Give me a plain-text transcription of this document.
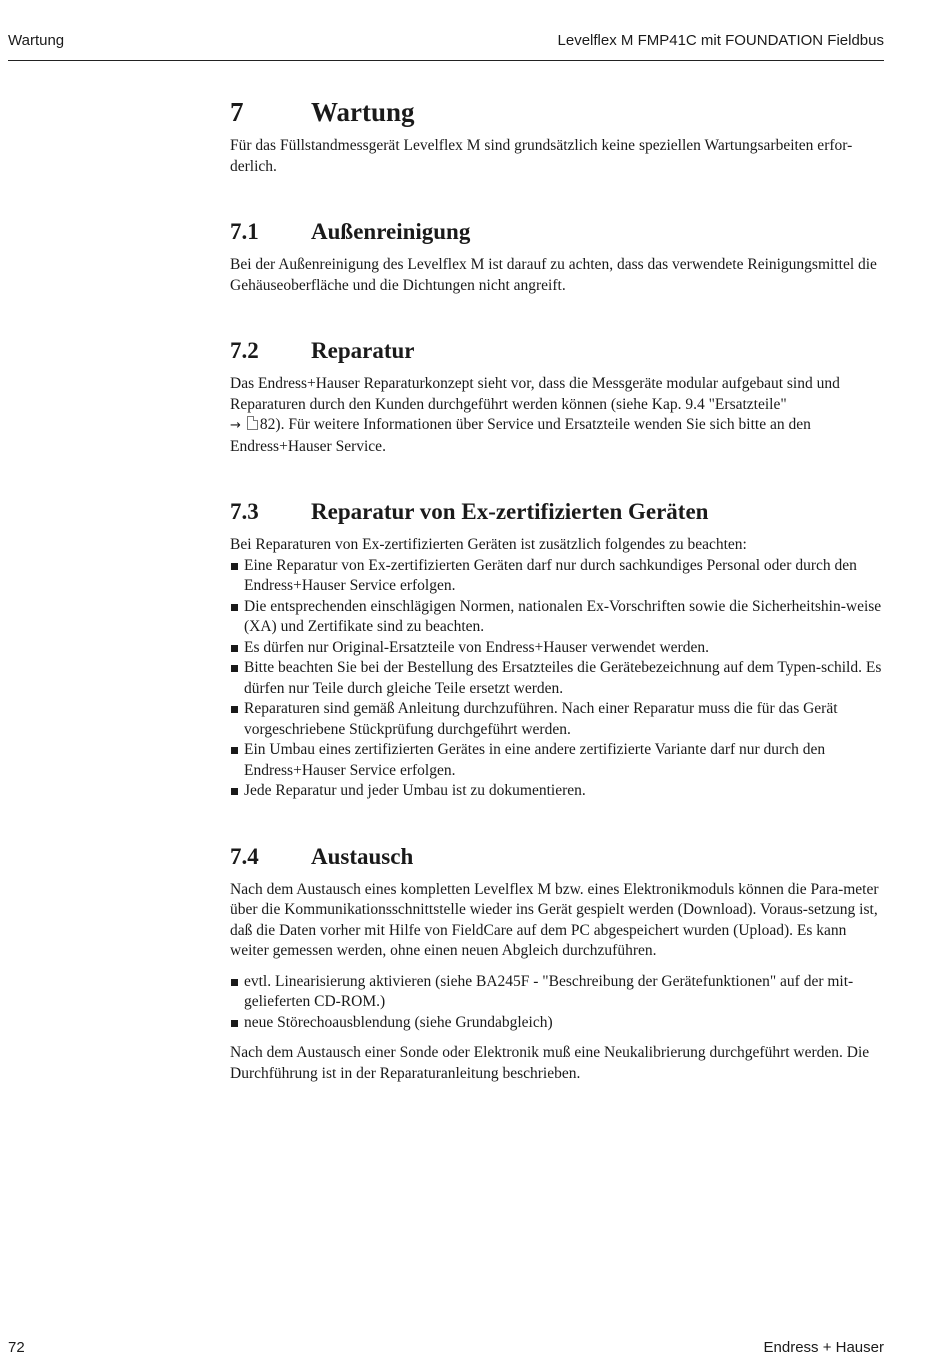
Wartung	Levelflex M FMP41C mit FOUNDATION Fieldbus
7	Wartung

Für das Füllstandmessgerät Levelflex M sind grundsätzlich keine speziellen Wartungsarbeiten erfor-derlich.

7.1 Außenreinigung

Bei der Außenreinigung des Levelflex M ist darauf zu achten, dass das verwendete Reinigungsmittel die Gehäuseoberfläche und die Dichtungen nicht angreift.

7.2 Reparatur

Das Endress+Hauser Reparaturkonzept sieht vor, dass die Messgeräte modular aufgebaut sind und Reparaturen durch den Kunden durchgeführt werden können (siehe Kap. 9.4 "Ersatzteile"
→ 82). Für weitere Informationen über Service und Ersatzteile wenden Sie sich bitte an den Endress+Hauser Service.

7.3 Reparatur von Ex-zertifizierten Geräten

Bei Reparaturen von Ex-zertifizierten Geräten ist zusätzlich folgendes zu beachten:

Eine Reparatur von Ex-zertifizierten Geräten darf nur durch sachkundiges Personal oder durch den Endress+Hauser Service erfolgen.
Die entsprechenden einschlägigen Normen, nationalen Ex-Vorschriften sowie die Sicherheitshin-weise (XA) und Zertifikate sind zu beachten.
Es dürfen nur Original-Ersatzteile von Endress+Hauser verwendet werden.
Bitte beachten Sie bei der Bestellung des Ersatzteiles die Gerätebezeichnung auf dem Typen-schild. Es dürfen nur Teile durch gleiche Teile ersetzt werden.
Reparaturen sind gemäß Anleitung durchzuführen. Nach einer Reparatur muss die für das Gerät vorgeschriebene Stückprüfung durchgeführt werden.
Ein Umbau eines zertifizierten Gerätes in eine andere zertifizierte Variante darf nur durch den Endress+Hauser Service erfolgen.
Jede Reparatur und jeder Umbau ist zu dokumentieren.
7.4 Austausch

Nach dem Austausch eines kompletten Levelflex M bzw. eines Elektronikmoduls können die Para-meter über die Kommunikationsschnittstelle wieder ins Gerät gespielt werden (Download). Voraus-setzung ist, daß die Daten vorher mit Hilfe von FieldCare auf dem PC abgespeichert wurden (Upload). Es kann weiter gemessen werden, ohne einen neuen Abgleich durchzuführen.

evtl. Linearisierung aktivieren (siehe BA245F - "Beschreibung der Gerätefunktionen" auf der mit-gelieferten CD-ROM.)
neue Störechoausblendung (siehe Grundabgleich)

Nach dem Austausch einer Sonde oder Elektronik muß eine Neukalibrierung durchgeführt werden. Die Durchführung ist in der Reparaturanleitung beschrieben.

72	Endress + Hauser
